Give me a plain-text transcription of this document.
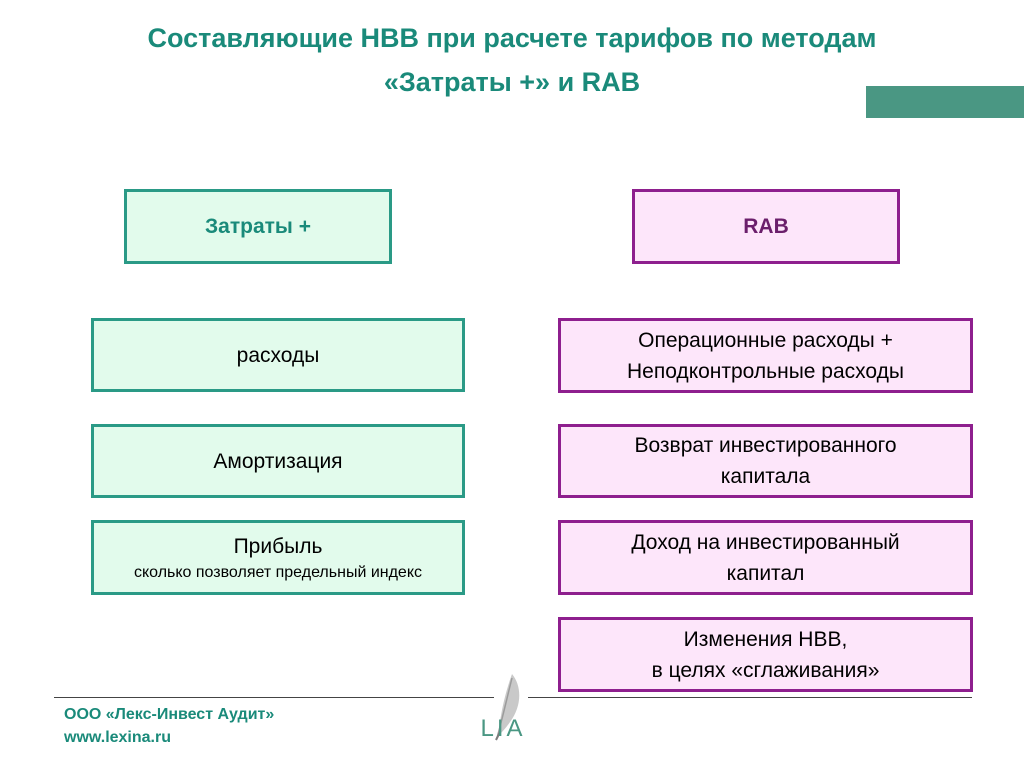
Составляющие НВВ при расчете тарифов по методам
«Затраты +» и RAB
Затраты +	RAB
расходы
Амортизация
Прибыль
сколько позволяет предельный индекс
Операционные расходы +
Неподконтрольные расходы
Возврат инвестированного
капитала
Доход на инвестированный
капитал
Изменения НВВ,
в целях «сглаживания»
ООО «Лекс-Инвест Аудит»
www.lexina.ru	LIA
